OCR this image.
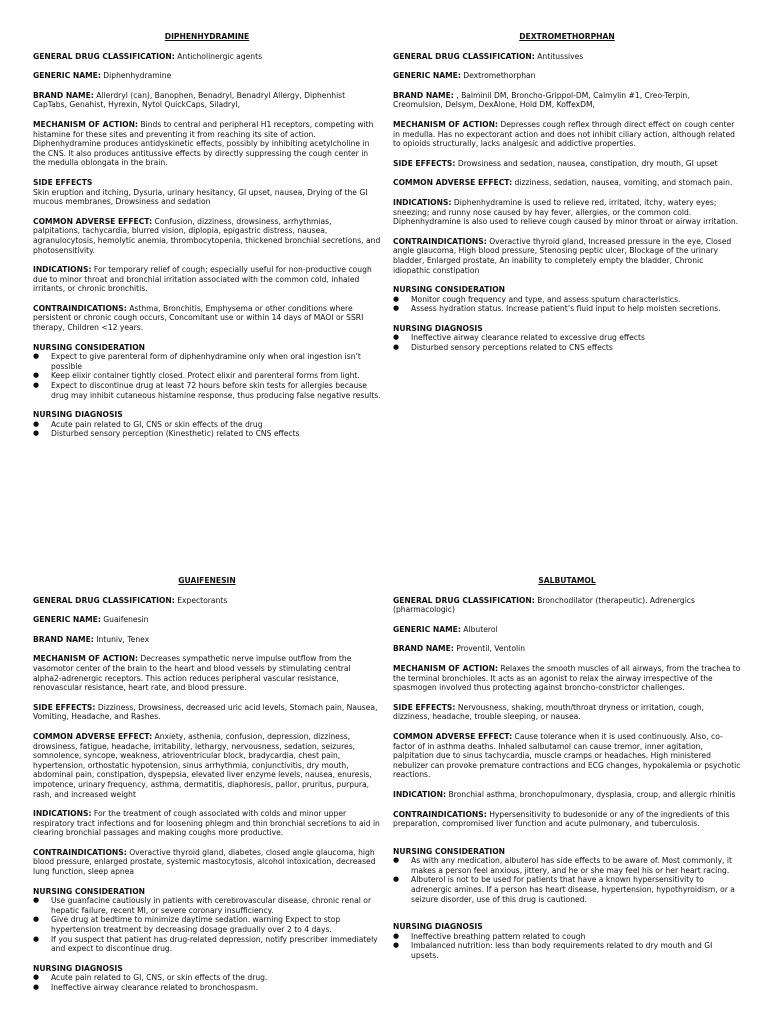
DIPHENHYDRAMINE
GENERAL DRUG CLASSIFICATION: Anticholinergic agents
GENERIC NAME: Diphenhydramine
BRAND NAME: Allerdryl (can), Banophen, Benadryl, Benadryl Allergy, Diphenhist CapTabs, Genahist, Hyrexin, Nytol QuickCaps, Siladryl,
MECHANISM OF ACTION: Binds to central and peripheral H1 receptors, competing with histamine for these sites and preventing it from reaching its site of action. Diphenhydramine produces antidyskinetic effects, possibly by inhibiting acetylcholine in the CNS. It also produces antitussive effects by directly suppressing the cough center in the medulla oblongata in the brain.
SIDE EFFECTS
Skin eruption and itching, Dysuria, urinary hesitancy, GI upset, nausea, Drying of the GI mucous membranes, Drowsiness and sedation
COMMON ADVERSE EFFECT: Confusion, dizziness, drowsiness, arrhythmias, palpitations, tachycardia, blurred vision, diplopia, epigastric distress, nausea, agranulocytosis, hemolytic anemia, thrombocytopenia, thickened bronchial secretions, and photosensitivity.
INDICATIONS: For temporary relief of cough; especially useful for non-productive cough due to minor throat and bronchial irritation associated with the common cold, inhaled irritants, or chronic bronchitis.
CONTRAINDICATIONS: Asthma, Bronchitis, Emphysema or other conditions where persistent or chronic cough occurs, Concomitant use or within 14 days of MAOI or SSRI therapy, Children <12 years.
NURSING CONSIDERATION
● Expect to give parenteral form of diphenhydramine only when oral ingestion isn’t possible
● Keep elixir container tightly closed. Protect elixir and parenteral forms from light.
● Expect to discontinue drug at least 72 hours before skin tests for allergies because drug may inhibit cutaneous histamine response, thus producing false negative results.
NURSING DIAGNOSIS
● Acute pain related to GI, CNS or skin effects of the drug
● Disturbed sensory perception (Kinesthetic) related to CNS effects
DEXTROMETHORPHAN
GENERAL DRUG CLASSIFICATION: Antitussives
GENERIC NAME: Dextromethorphan
BRAND NAME: , Balminil DM, Broncho-Grippol-DM, Calmylin #1, Creo-Terpin, Creomulsion, Delsym, DexAlone, Hold DM, KoffexDM,
MECHANISM OF ACTION: Depresses cough reflex through direct effect on cough center in medulla. Has no expectorant action and does not inhibit ciliary action, although related to opioids structurally, lacks analgesic and addictive properties.
SIDE EFFECTS: Drowsiness and sedation, nausea, constipation, dry mouth, GI upset
COMMON ADVERSE EFFECT: dizziness, sedation, nausea, vomiting, and stomach pain.
INDICATIONS: Diphenhydramine is used to relieve red, irritated, itchy, watery eyes; sneezing; and runny nose caused by hay fever, allergies, or the common cold. Diphenhydramine is also used to relieve cough caused by minor throat or airway irritation.
CONTRAINDICATIONS: Overactive thyroid gland, Increased pressure in the eye, Closed angle glaucoma, High blood pressure, Stenosing peptic ulcer, Blockage of the urinary bladder, Enlarged prostate, An inability to completely empty the bladder, Chronic idiopathic constipation
NURSING CONSIDERATION
● Monitor cough frequency and type, and assess sputum characteristics.
● Assess hydration status. Increase patient’s fluid input to help moisten secretions.
NURSING DIAGNOSIS
● Ineffective airway clearance related to excessive drug effects
● Disturbed sensory perceptions related to CNS effects
GUAIFENESIN
GENERAL DRUG CLASSIFICATION: Expectorants
GENERIC NAME: Guaifenesin
BRAND NAME: Intuniv, Tenex
MECHANISM OF ACTION: Decreases sympathetic nerve impulse outflow from the vasomotor center of the brain to the heart and blood vessels by stimulating central alpha2-adrenergic receptors. This action reduces peripheral vascular resistance, renovascular resistance, heart rate, and blood pressure.
SIDE EFFECTS: Dizziness, Drowsiness, decreased uric acid levels, Stomach pain, Nausea, Vomiting, Headache, and Rashes.
COMMON ADVERSE EFFECT: Anxiety, asthenia, confusion, depression, dizziness, drowsiness, fatigue, headache, irritability, lethargy, nervousness, sedation, seizures, somnolence, syncope, weakness, atrioventricular block, bradycardia, chest pain, hypertension, orthostatic hypotension, sinus arrhythmia, conjunctivitis, dry mouth, abdominal pain, constipation, dyspepsia, elevated liver enzyme levels, nausea, enuresis, impotence, urinary frequency, asthma, dermatitis, diaphoresis, pallor, pruritus, purpura, rash, and increased weight
INDICATIONS: For the treatment of cough associated with colds and minor upper respiratory tract infections and for loosening phlegm and thin bronchial secretions to aid in clearing bronchial passages and making coughs more productive.
CONTRAINDICATIONS: Overactive thyroid gland, diabetes, closed angle glaucoma, high blood pressure, enlarged prostate, systemic mastocytosis, alcohol intoxication, decreased lung function, sleep apnea
NURSING CONSIDERATION
● Use guanfacine cautiously in patients with cerebrovascular disease, chronic renal or hepatic failure, recent MI, or severe coronary insufficiency.
● Give drug at bedtime to minimize daytime sedation. warning Expect to stop hypertension treatment by decreasing dosage gradually over 2 to 4 days.
● If you suspect that patient has drug-related depression, notify prescriber immediately and expect to discontinue drug.
NURSING DIAGNOSIS
● Acute pain related to GI, CNS, or skin effects of the drug.
● Ineffective airway clearance related to bronchospasm.
SALBUTAMOL
GENERAL DRUG CLASSIFICATION: Bronchodilator (therapeutic). Adrenergics (pharmacologic)
GENERIC NAME: Albuterol
BRAND NAME: Proventil, Ventolin
MECHANISM OF ACTION: Relaxes the smooth muscles of all airways, from the trachea to the terminal bronchioles. It acts as an agonist to relax the airway irrespective of the spasmogen involved thus protecting against broncho-constrictor challenges.
SIDE EFFECTS: Nervousness, shaking, mouth/throat dryness or irritation, cough, dizziness, headache, trouble sleeping, or nausea.
COMMON ADVERSE EFFECT: Cause tolerance when it is used continuously. Also, co-factor of in asthma deaths. Inhaled salbutamol can cause tremor, inner agitation, palpitation due to sinus tachycardia, muscle cramps or headaches. High ministered nebulizer can provoke premature contractions and ECG changes, hypokalemia or psychotic reactions.
INDICATION: Bronchial asthma, bronchopulmonary, dysplasia, croup, and allergic rhinitis
CONTRAINDICATIONS: Hypersensitivity to budesonide or any of the ingredients of this preparation, compromised liver function and acute pulmonary, and tuberculosis.
NURSING CONSIDERATION
● As with any medication, albuterol has side effects to be aware of. Most commonly, it makes a person feel anxious, jittery, and he or she may feel his or her heart racing.
● Albuterol is not to be used for patients that have a known hypersensitivity to adrenergic amines. If a person has heart disease, hypertension, hypothyroidism, or a seizure disorder, use of this drug is cautioned.
NURSING DIAGNOSIS
● Ineffective breathing pattern related to cough
● Imbalanced nutrition: less than body requirements related to dry mouth and GI upsets.
